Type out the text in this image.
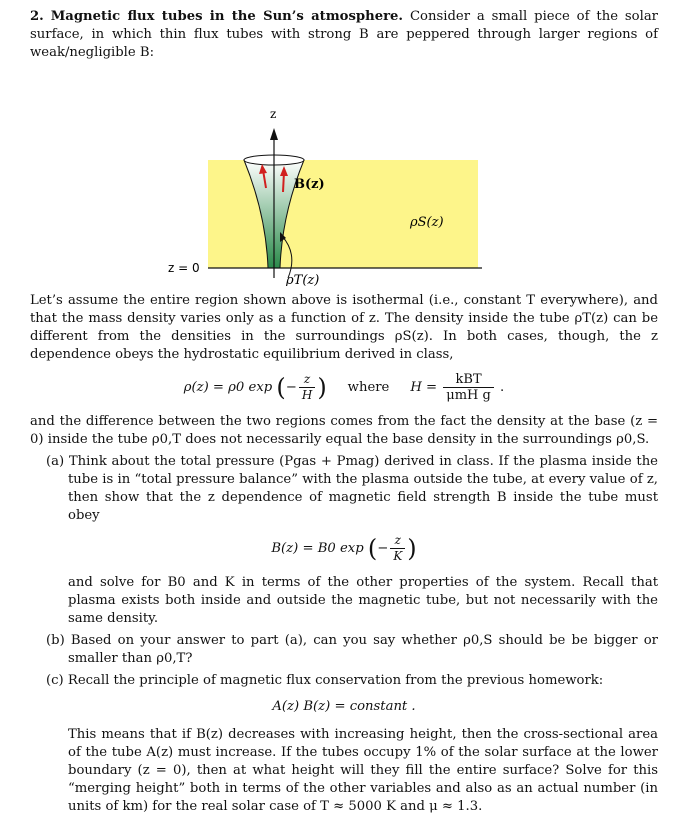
2. Magnetic flux tubes in the Sun’s atmosphere. Consider a small piece of the solar surface, in which thin flux tubes with strong B are peppered through larger regions of weak/negligible B:

z
B(z)
ρS(z)
z = 0
ρT(z)

Let’s assume the entire region shown above is isothermal (i.e., constant T everywhere), and that the mass density varies only as a function of z. The density inside the tube ρT(z) can be different from the densities in the surroundings ρS(z). In both cases, though, the z dependence obeys the hydrostatic equilibrium derived in class,

ρ(z) = ρ0 exp (− $\frac{z}{H}$ ) where $H = \frac{\text{kBT}}{\text{μmH g}}$ .

and the difference between the two regions comes from the fact the density at the base (z = 0) inside the tube ρ0,T does not necessarily equal the base density in the surroundings ρ0,S.

(a) Think about the total pressure (Pgas + Pmag) derived in class. If the plasma inside the tube is in “total pressure balance” with the plasma outside the tube, at every value of z, then show that the z dependence of magnetic field strength B inside the tube must obey
B(z) = B0 exp (− $\frac{z}{K}$ )

and solve for B0 and K in terms of the other properties of the system. Recall that plasma exists both inside and outside the magnetic tube, but not necessarily with the same density.

(b) Based on your answer to part (a), can you say whether ρ0,S should be be bigger or smaller than ρ0,T?
(c) Recall the principle of magnetic flux conservation from the previous homework:
A(z) B(z) = constant .

This means that if B(z) decreases with increasing height, then the cross-sectional area of the tube A(z) must increase. If the tubes occupy 1% of the solar surface at the lower boundary (z = 0), then at what height will they fill the entire surface? Solve for this “merging height” both in terms of the other variables and also as an actual number (in units of km) for the real solar case of T ≈ 5000 K and μ ≈ 1.3.
